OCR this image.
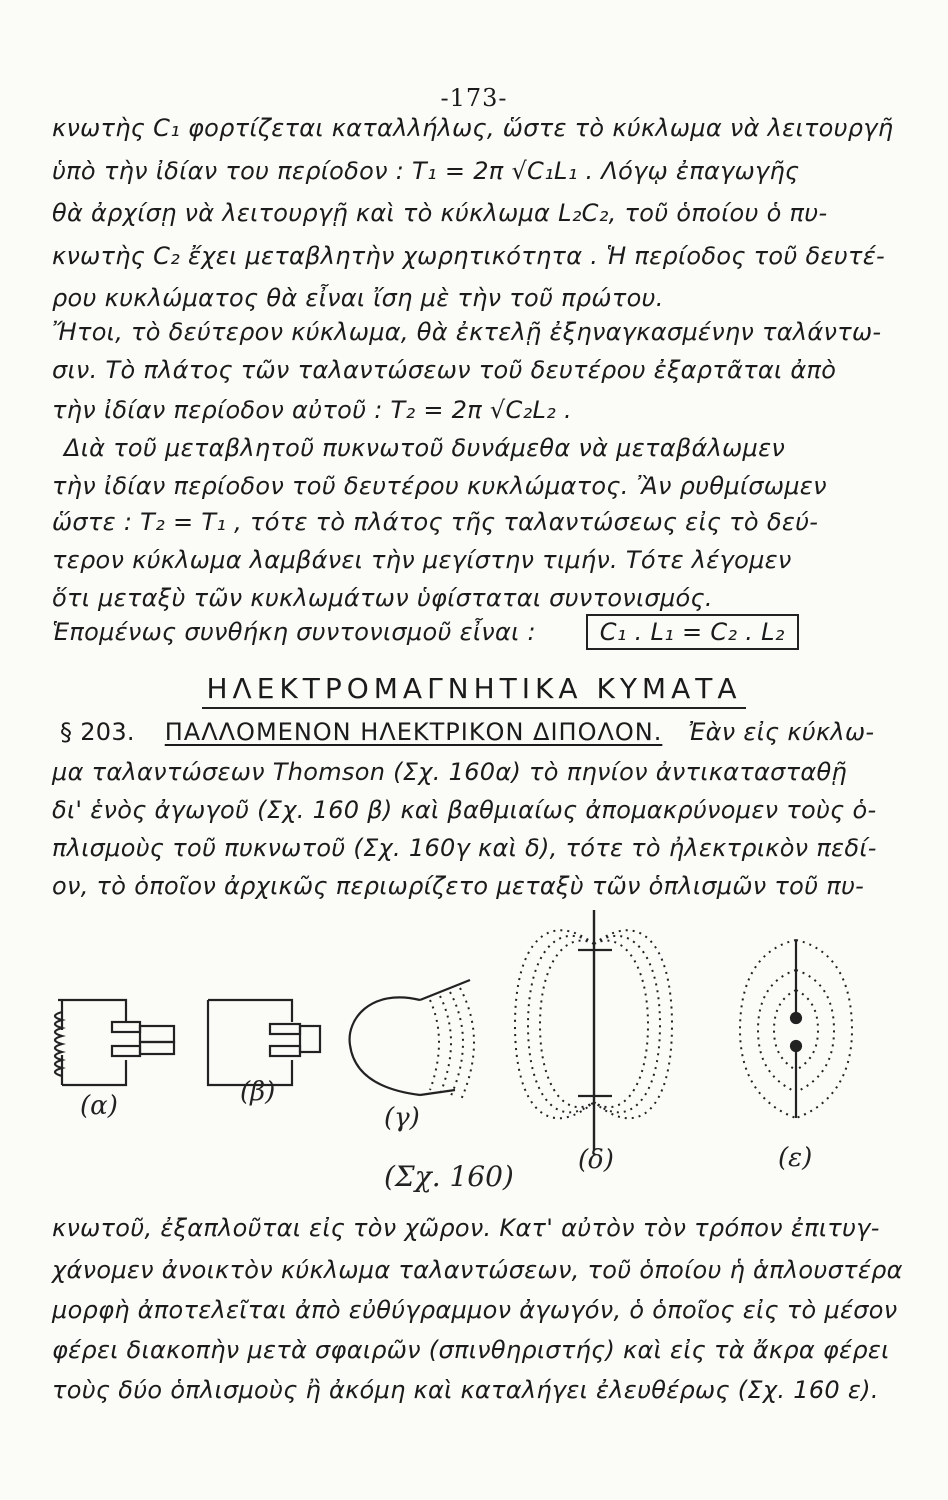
-173-
κνωτὴς C₁ φορτίζεται καταλλήλως, ὥστε τὸ κύκλωμα νὰ λειτουργῆ
ὑπὸ τὴν ἰδίαν του περίοδον : T₁ = 2π √C₁L₁ . Λόγῳ ἐπαγωγῆς
θὰ ἀρχίσῃ νὰ λειτουργῇ καὶ τὸ κύκλωμα L₂C₂, τοῦ ὁποίου ὁ πυ-
κνωτὴς C₂ ἔχει μεταβλητὴν χωρητικότητα . Ἡ περίοδος τοῦ δευτέ-
ρου κυκλώματος θὰ εἶναι ἴση μὲ τὴν τοῦ πρώτου.
Ἤτοι, τὸ δεύτερον κύκλωμα, θὰ ἐκτελῇ ἐξηναγκασμένην ταλάντω-
σιν. Τὸ πλάτος τῶν ταλαντώσεων τοῦ δευτέρου ἐξαρτᾶται ἀπὸ
τὴν ἰδίαν περίοδον αὐτοῦ : T₂ = 2π √C₂L₂ .
Διὰ τοῦ μεταβλητοῦ πυκνωτοῦ δυνάμεθα νὰ μεταβάλωμεν
τὴν ἰδίαν περίοδον τοῦ δευτέρου κυκλώματος. Ἂν ρυθμίσωμεν
ὥστε : T₂ = T₁ , τότε τὸ πλάτος τῆς ταλαντώσεως εἰς τὸ δεύ-
τερον κύκλωμα λαμβάνει τὴν μεγίστην τιμήν. Τότε λέγομεν
ὅτι μεταξὺ τῶν κυκλωμάτων ὑφίσταται συντονισμός.
Ἑπομένως συνθήκη συντονισμοῦ εἶναι :	C₁ . L₁ = C₂ . L₂
ΗΛΕΚΤΡΟΜΑΓΝΗΤΙΚΑ ΚΥΜΑΤΑ
§ 203. ΠΑΛΛΟΜΕΝΟΝ ΗΛΕΚΤΡΙΚΟΝ ΔΙΠΟΛΟΝ. Ἐὰν εἰς κύκλω-
μα ταλαντώσεων Thomson (Σχ. 160α) τὸ πηνίον ἀντικατασταθῇ
δι' ἑνὸς ἀγωγοῦ (Σχ. 160 β) καὶ βαθμιαίως ἀπομακρύνομεν τοὺς ὁ-
πλισμοὺς τοῦ πυκνωτοῦ (Σχ. 160γ καὶ δ), τότε τὸ ἠλεκτρικὸν πεδί-
ον, τὸ ὁποῖον ἀρχικῶς περιωρίζετο μεταξὺ τῶν ὁπλισμῶν τοῦ πυ-
(α)	(β)
(γ)
(δ)	(ε)
(Σχ. 160)
κνωτοῦ, ἐξαπλοῦται εἰς τὸν χῶρον. Κατ' αὐτὸν τὸν τρόπον ἐπιτυγ-
χάνομεν ἀνοικτὸν κύκλωμα ταλαντώσεων, τοῦ ὁποίου ἡ ἁπλουστέρα
μορφὴ ἀποτελεῖται ἀπὸ εὐθύγραμμον ἀγωγόν, ὁ ὁποῖος εἰς τὸ μέσον
φέρει διακοπὴν μετὰ σφαιρῶν (σπινθηριστής) καὶ εἰς τὰ ἄκρα φέρει
τοὺς δύο ὁπλισμοὺς ἢ ἀκόμη καὶ καταλήγει ἐλευθέρως (Σχ. 160 ε).
